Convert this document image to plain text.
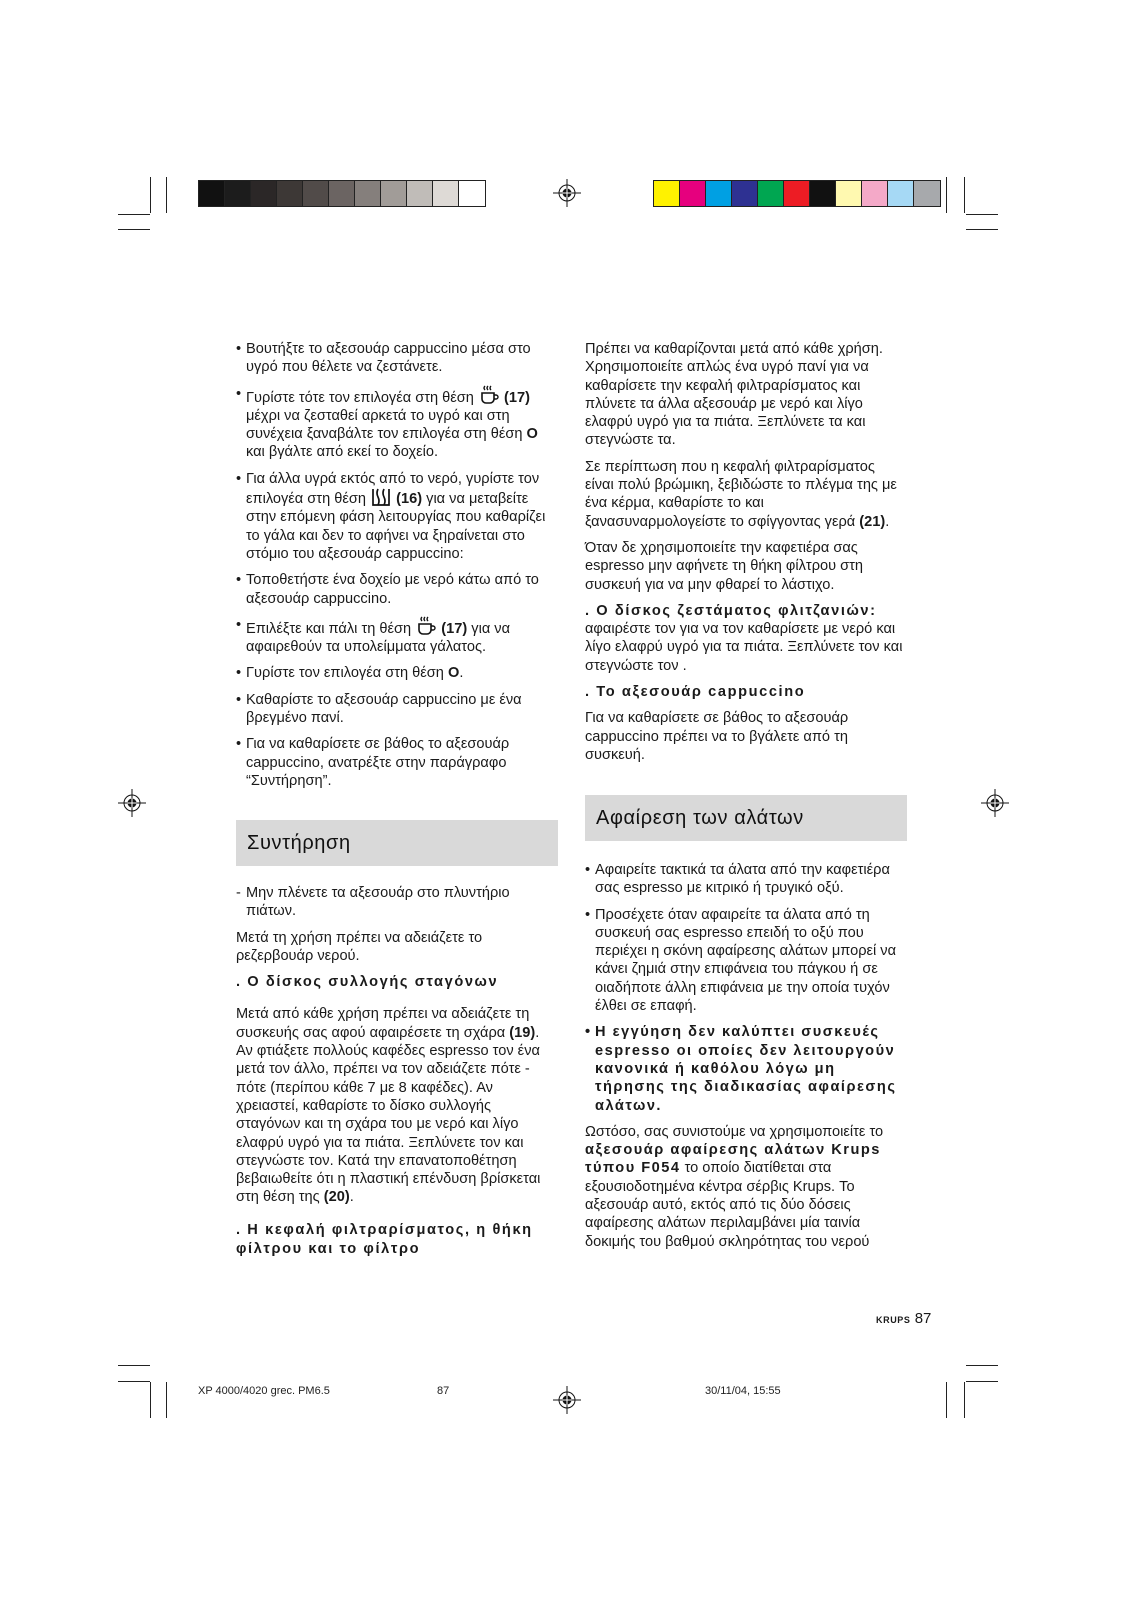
• Βουτήξτε το αξεσουάρ cappuccino μέσα στο υγρό που θέλετε να ζεστάνετε.
• Γυρίστε τότε τον επιλογέα στη θέση (17) μέχρι να ζεσταθεί αρκετά το υγρό και στη συνέχεια ξαναβάλτε τον επιλογέα στη θέση O και βγάλτε από εκεί το δοχείο.
• Για άλλα υγρά εκτός από το νερό, γυρίστε τον επιλογέα στη θέση (16) για να μεταβείτε στην επόμενη φάση λειτουργίας που καθαρίζει το γάλα και δεν το αφήνει να ξηραίνεται στο στόμιο του αξεσουάρ cappuccino:
• Τοποθετήστε ένα δοχείο με νερό κάτω από το αξεσουάρ cappuccino.
• Επιλέξτε και πάλι τη θέση (17) για να αφαιρεθούν τα υπολείμματα γάλατος.
• Γυρίστε τον επιλογέα στη θέση O.
• Καθαρίστε το αξεσουάρ cappuccino με ένα βρεγμένο πανί.
• Για να καθαρίσετε σε βάθος το αξεσουάρ cappuccino, ανατρέξτε στην παράγραφο “Συντήρηση”.
Συντήρηση
- Μην πλένετε τα αξεσουάρ στο πλυντήριο πιάτων.

Μετά τη χρήση πρέπει να αδειάζετε το ρεζερβουάρ νερού.

. Ο δίσκος συλλογής σταγόνων

Μετά από κάθε χρήση πρέπει να αδειάζετε τη συσκευής σας αφού αφαιρέσετε τη σχάρα (19). Αν φτιάξετε πολλούς καφέδες espresso τον ένα μετά τον άλλο, πρέπει να τον αδειάζετε πότε - πότε (περίπου κάθε 7 με 8 καφέδες). Αν χρειαστεί, καθαρίστε το δίσκο συλλογής σταγόνων και τη σχάρα του με νερό και λίγο ελαφρύ υγρό για τα πιάτα. Ξεπλύνετε τον και στεγνώστε τον. Κατά την επανατοποθέτηση βεβαιωθείτε ότι η πλαστική επένδυση βρίσκεται στη θέση της (20).

. Η κεφαλή φιλτραρίσματος, η θήκη φίλτρου και το φίλτρο

Πρέπει να καθαρίζονται μετά από κάθε χρήση. Χρησιμοποιείτε απλώς ένα υγρό πανί για να καθαρίσετε την κεφαλή φιλτραρίσματος και πλύνετε τα άλλα αξεσουάρ με νερό και λίγο ελαφρύ υγρό για τα πιάτα. Ξεπλύνετε τα και στεγνώστε τα.

Σε περίπτωση που η κεφαλή φιλτραρίσματος είναι πολύ βρώμικη, ξεβιδώστε το πλέγμα της με ένα κέρμα, καθαρίστε το και ξανασυναρμολογείστε το σφίγγοντας γερά (21).

Όταν δε χρησιμοποιείτε την καφετιέρα σας espresso μην αφήνετε τη θήκη φίλτρου στη συσκευή για να μην φθαρεί το λάστιχο.

. Ο δίσκος ζεστάματος φλιτζανιών:

αφαιρέστε τον για να τον καθαρίσετε με νερό και λίγο ελαφρύ υγρό για τα πιάτα. Ξεπλύνετε τον και στεγνώστε τον .

. Το αξεσουάρ cappuccino

Για να καθαρίσετε σε βάθος το αξεσουάρ cappuccino πρέπει να το βγάλετε από τη συσκευή.

Αφαίρεση των αλάτων
• Αφαιρείτε τακτικά τα άλατα από την καφετιέρα σας espresso με κιτρικό ή τρυγικό οξύ.
• Προσέχετε όταν αφαιρείτε τα άλατα από τη συσκευή σας espresso επειδή το οξύ που περιέχει η σκόνη αφαίρεσης αλάτων μπορεί να κάνει ζημιά στην επιφάνεια του πάγκου ή σε οιαδήποτε άλλη επιφάνεια με την οποία τυχόν έλθει σε επαφή.
• Η εγγύηση δεν καλύπτει συσκευές espresso οι οποίες δεν λειτουργούν κανονικά ή καθόλου λόγω μη τήρησης της διαδικασίας αφαίρεσης αλάτων.

Ωστόσο, σας συνιστούμε να χρησιμοποιείτε το αξεσουάρ αφαίρεσης αλάτων Krups τύπου F054 το οποίο διατίθεται στα εξουσιοδοτημένα κέντρα σέρβις Krups. Το αξεσουάρ αυτό, εκτός από τις δύο δόσεις αφαίρεσης αλάτων περιλαμβάνει μία ταινία δοκιμής του βαθμού σκληρότητας του νερού

KRUPS 87
XP 4000/4020 grec. PM6.5	87	30/11/04, 15:55
